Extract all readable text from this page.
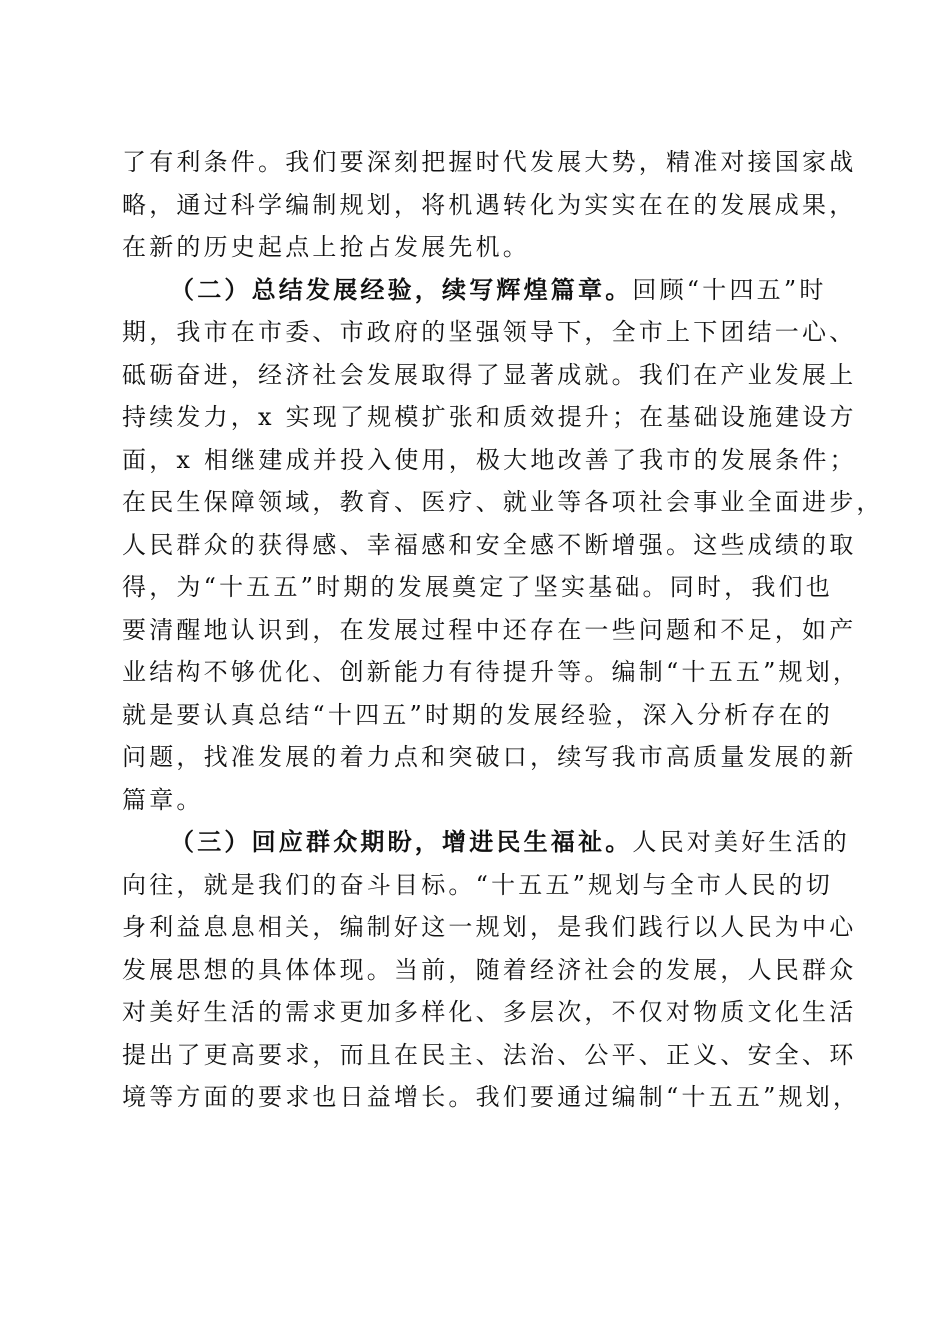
了有利条件。我们要深刻把握时代发展大势，精准对接国家战
略，通过科学编制规划，将机遇转化为实实在在的发展成果，
在新的历史起点上抢占发展先机。
（二）总结发展经验，续写辉煌篇章。回顾“十四五”时
期，我市在市委、市政府的坚强领导下，全市上下团结一心、
砥砺奋进，经济社会发展取得了显著成就。我们在产业发展上
持续发力，x 实现了规模扩张和质效提升；在基础设施建设方
面，x 相继建成并投入使用，极大地改善了我市的发展条件；
在民生保障领域，教育、医疗、就业等各项社会事业全面进步，
人民群众的获得感、幸福感和安全感不断增强。这些成绩的取
得，为“十五五”时期的发展奠定了坚实基础。同时，我们也
要清醒地认识到，在发展过程中还存在一些问题和不足，如产
业结构不够优化、创新能力有待提升等。编制“十五五”规划，
就是要认真总结“十四五”时期的发展经验，深入分析存在的
问题，找准发展的着力点和突破口，续写我市高质量发展的新
篇章。
（三）回应群众期盼，增进民生福祉。人民对美好生活的
向往，就是我们的奋斗目标。“十五五”规划与全市人民的切
身利益息息相关，编制好这一规划，是我们践行以人民为中心
发展思想的具体体现。当前，随着经济社会的发展，人民群众
对美好生活的需求更加多样化、多层次，不仅对物质文化生活
提出了更高要求，而且在民主、法治、公平、正义、安全、环
境等方面的要求也日益增长。我们要通过编制“十五五”规划，
